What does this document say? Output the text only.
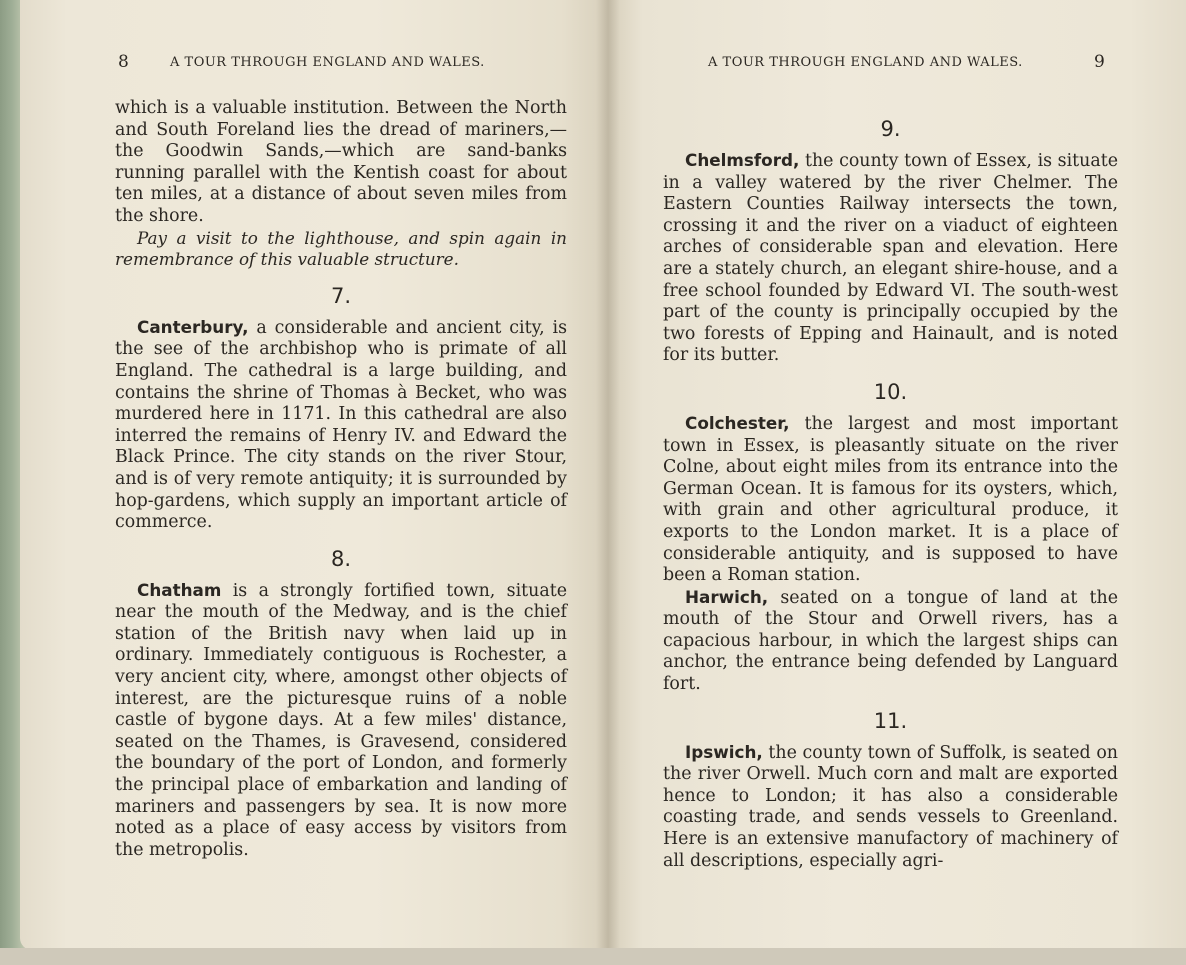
8	A TOUR THROUGH ENGLAND AND WALES.

which is a valuable institution. Between the North and South Foreland lies the dread of mariners,—the Goodwin Sands,—which are sand-banks running parallel with the Kentish coast for about ten miles, at a distance of about seven miles from the shore.

Pay a visit to the lighthouse, and spin again in remembrance of this valuable structure.

7.

Canterbury, a considerable and ancient city, is the see of the archbishop who is primate of all England. The cathedral is a large building, and contains the shrine of Thomas à Becket, who was murdered here in 1171. In this cathedral are also interred the remains of Henry IV. and Edward the Black Prince. The city stands on the river Stour, and is of very remote antiquity; it is surrounded by hop-gardens, which supply an important article of commerce.

8.

Chatham is a strongly fortified town, situate near the mouth of the Medway, and is the chief station of the British navy when laid up in ordinary. Immediately contiguous is Rochester, a very ancient city, where, amongst other objects of interest, are the picturesque ruins of a noble castle of bygone days. At a few miles' distance, seated on the Thames, is Gravesend, considered the boundary of the port of London, and formerly the principal place of embarkation and landing of mariners and passengers by sea. It is now more noted as a place of easy access by visitors from the metropolis.

A TOUR THROUGH ENGLAND AND WALES.	9
9.

Chelmsford, the county town of Essex, is situate in a valley watered by the river Chelmer. The Eastern Counties Railway intersects the town, crossing it and the river on a viaduct of eighteen arches of considerable span and elevation. Here are a stately church, an elegant shire-house, and a free school founded by Edward VI. The south-west part of the county is principally occupied by the two forests of Epping and Hainault, and is noted for its butter.

10.

Colchester, the largest and most important town in Essex, is pleasantly situate on the river Colne, about eight miles from its entrance into the German Ocean. It is famous for its oysters, which, with grain and other agricultural produce, it exports to the London market. It is a place of considerable antiquity, and is supposed to have been a Roman station.

Harwich, seated on a tongue of land at the mouth of the Stour and Orwell rivers, has a capacious harbour, in which the largest ships can anchor, the entrance being defended by Languard fort.

11.

Ipswich, the county town of Suffolk, is seated on the river Orwell. Much corn and malt are exported hence to London; it has also a considerable coasting trade, and sends vessels to Greenland. Here is an extensive manufactory of machinery of all descriptions, especially agri-
